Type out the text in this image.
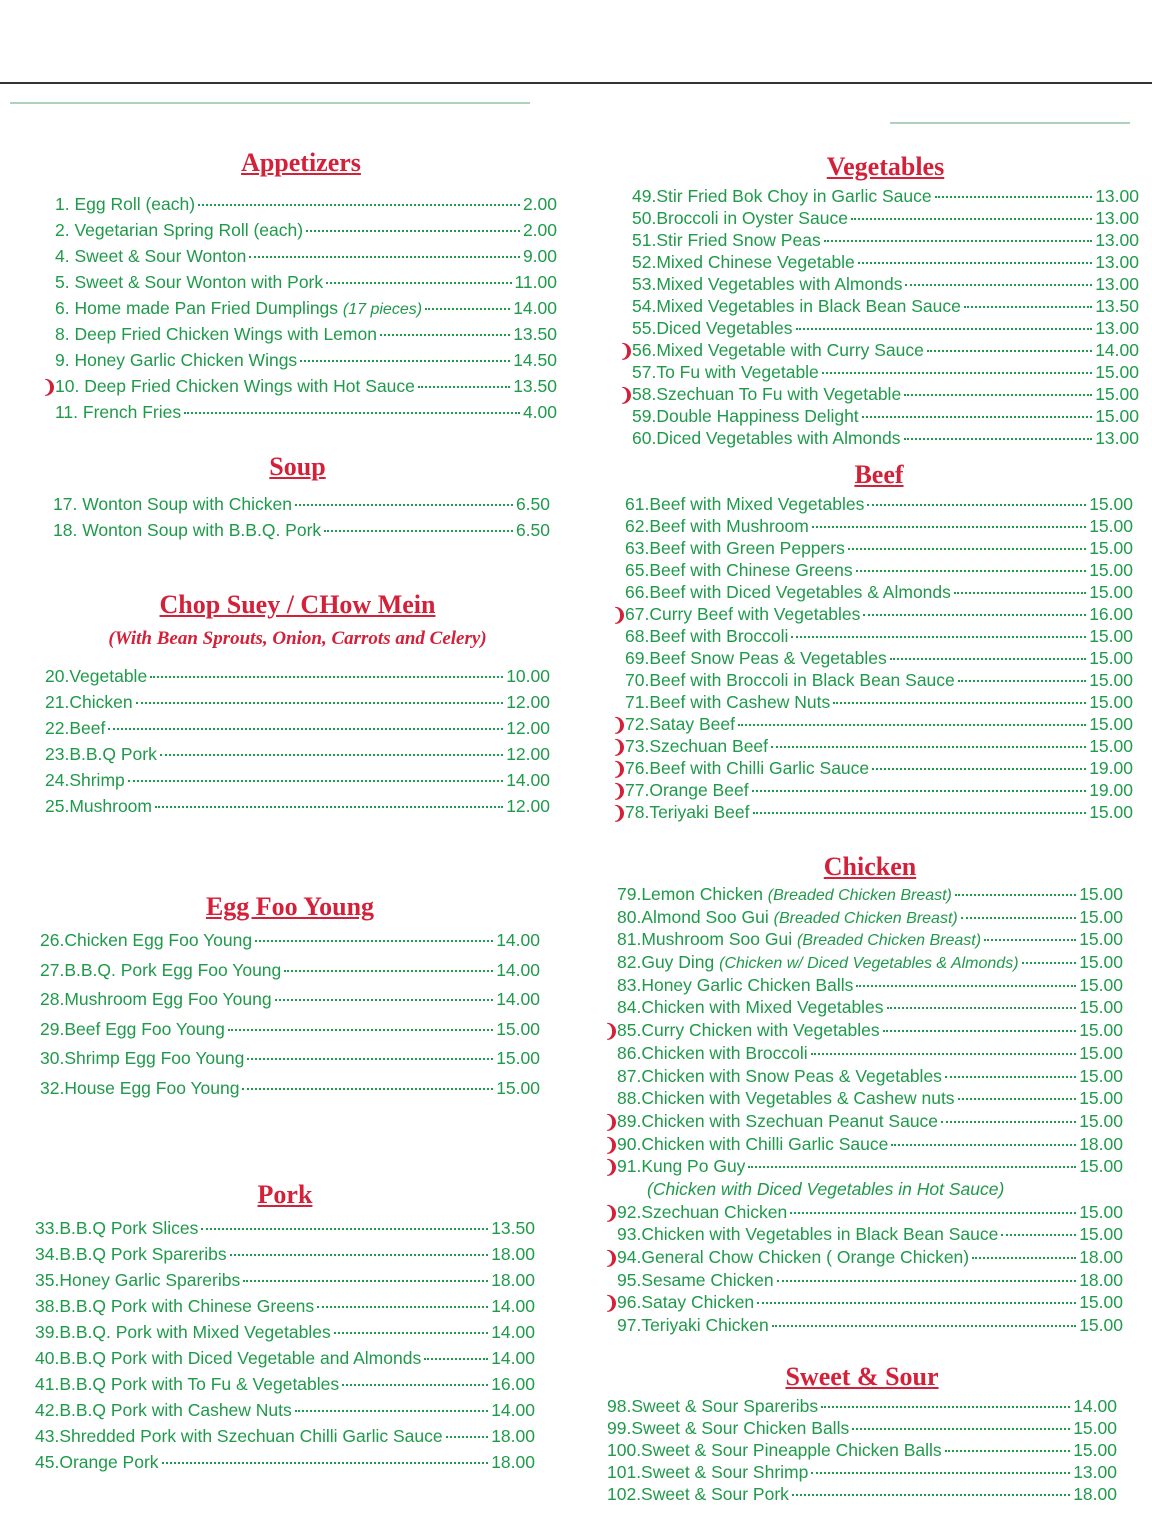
Appetizers
1. Egg Roll (each)	2.00
2. Vegetarian Spring Roll (each)	2.00
4. Sweet & Sour Wonton	9.00
5. Sweet & Sour Wonton with Pork	11.00
6. Home made Pan Fried Dumplings (17 pieces)	14.00
8. Deep Fried Chicken Wings with Lemon	13.50
9. Honey Garlic Chicken Wings	14.50
❩
10. Deep Fried Chicken Wings with Hot Sauce	13.50
11. French Fries	4.00
Soup
17. Wonton Soup with Chicken	6.50
18. Wonton Soup with B.B.Q. Pork	6.50
Chop Suey / CHow Mein
(With Bean Sprouts, Onion, Carrots and Celery)
20.Vegetable	10.00
21.Chicken	12.00
22.Beef	12.00
23.B.B.Q Pork	12.00
24.Shrimp	14.00
25.Mushroom	12.00
Egg Foo Young
26.Chicken Egg Foo Young	14.00
27.B.B.Q. Pork Egg Foo Young	14.00
28.Mushroom Egg Foo Young	14.00
29.Beef Egg Foo Young	15.00
30.Shrimp Egg Foo Young	15.00
32.House Egg Foo Young	15.00
Pork
33.B.B.Q Pork Slices	13.50
34.B.B.Q Pork Spareribs	18.00
35.Honey Garlic Spareribs	18.00
38.B.B.Q Pork with Chinese Greens	14.00
39.B.B.Q. Pork with Mixed Vegetables	14.00
40.B.B.Q Pork with Diced Vegetable and Almonds	14.00
41.B.B.Q Pork with To Fu & Vegetables	16.00
42.B.B.Q Pork with Cashew Nuts	14.00
43.Shredded Pork with Szechuan Chilli Garlic Sauce	18.00
45.Orange Pork	18.00
Vegetables
49.Stir Fried Bok Choy in Garlic Sauce	13.00
50.Broccoli in Oyster Sauce	13.00
51.Stir Fried Snow Peas	13.00
52.Mixed Chinese Vegetable	13.00
53.Mixed Vegetables with Almonds	13.00
54.Mixed Vegetables in Black Bean Sauce	13.50
55.Diced Vegetables	13.00
❩
56.Mixed Vegetable with Curry Sauce	14.00
57.To Fu with Vegetable	15.00
❩
58.Szechuan To Fu with Vegetable	15.00
59.Double Happiness Delight	15.00
60.Diced Vegetables with Almonds	13.00
Beef
61.Beef with Mixed Vegetables	15.00
62.Beef with Mushroom	15.00
63.Beef with Green Peppers	15.00
65.Beef with Chinese Greens	15.00
66.Beef with Diced Vegetables & Almonds	15.00
❩
67.Curry Beef with Vegetables	16.00
68.Beef with Broccoli	15.00
69.Beef Snow Peas & Vegetables	15.00
70.Beef with Broccoli in Black Bean Sauce	15.00
71.Beef with Cashew Nuts	15.00
❩
72.Satay Beef	15.00
❩
73.Szechuan Beef	15.00
❩
76.Beef with Chilli Garlic Sauce	19.00
❩
77.Orange Beef	19.00
❩
78.Teriyaki Beef	15.00
Chicken
79.Lemon Chicken (Breaded Chicken Breast)	15.00
80.Almond Soo Gui (Breaded Chicken Breast)	15.00
81.Mushroom Soo Gui (Breaded Chicken Breast)	15.00
82.Guy Ding (Chicken w/ Diced Vegetables & Almonds)	15.00
83.Honey Garlic Chicken Balls	15.00
84.Chicken with Mixed Vegetables	15.00
❩
85.Curry Chicken with Vegetables	15.00
86.Chicken with Broccoli	15.00
87.Chicken with Snow Peas & Vegetables	15.00
88.Chicken with Vegetables & Cashew nuts	15.00
❩
89.Chicken with Szechuan Peanut Sauce	15.00
❩
90.Chicken with Chilli Garlic Sauce	18.00
❩
91.Kung Po Guy	15.00
(Chicken with Diced Vegetables in Hot Sauce)
❩
92.Szechuan Chicken	15.00
93.Chicken with Vegetables in Black Bean Sauce	15.00
❩
94.General Chow Chicken ( Orange Chicken)	18.00
95.Sesame Chicken	18.00
❩
96.Satay Chicken	15.00
97.Teriyaki Chicken	15.00
Sweet & Sour
98.Sweet & Sour Spareribs	14.00
99.Sweet & Sour Chicken Balls	15.00
100.Sweet & Sour Pineapple Chicken Balls	15.00
101.Sweet & Sour Shrimp	13.00
102.Sweet & Sour Pork	18.00
